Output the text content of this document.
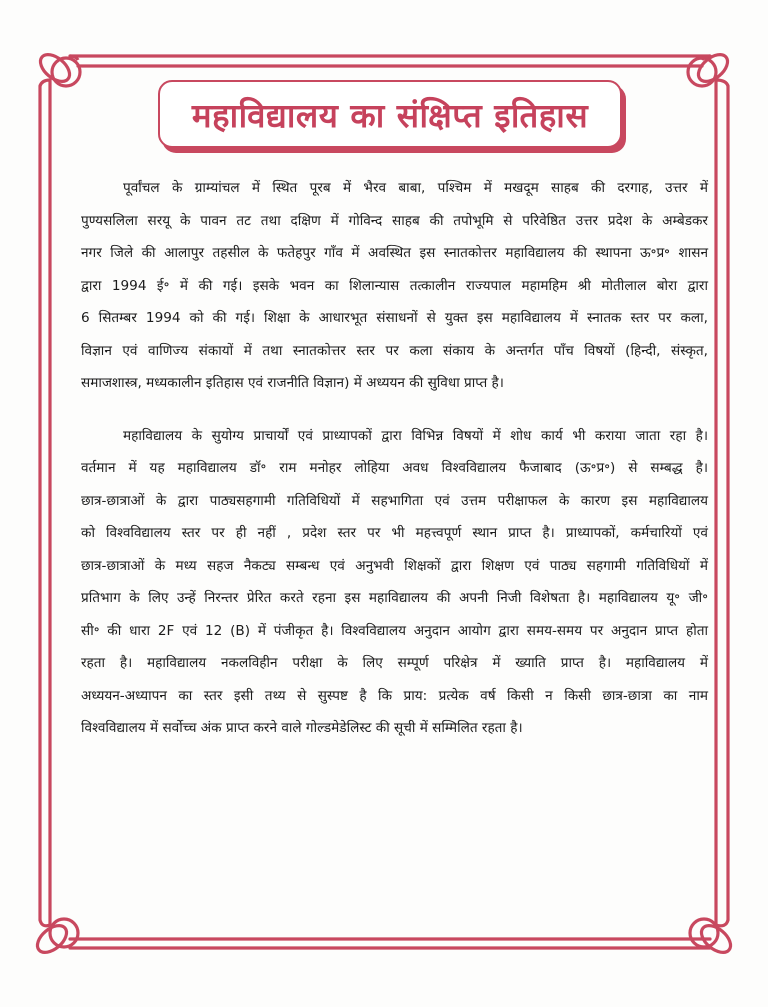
महाविद्यालय का संक्षिप्त इतिहास
पूर्वांचल के ग्राम्यांचल में स्थित पूरब में भैरव बाबा, पश्चिम में मखदूम साहब की दरगाह, उत्तर में
पुण्यसलिला सरयू के पावन तट तथा दक्षिण में गोविन्द साहब की तपोभूमि से परिवेष्ठित उत्तर प्रदेश के अम्बेडकर
नगर जिले की आलापुर तहसील के फतेहपुर गाँव में अवस्थित इस स्नातकोत्तर महाविद्यालय की स्थापना ऊ॰प्र॰ शासन
द्वारा 1994 ई॰ में की गई। इसके भवन का शिलान्यास तत्कालीन राज्यपाल महामहिम श्री मोतीलाल बोरा द्वारा
6 सितम्बर 1994 को की गई। शिक्षा के आधारभूत संसाधनों से युक्त इस महाविद्यालय में स्नातक स्तर पर कला,
विज्ञान एवं वाणिज्य संकायों में तथा स्नातकोत्तर स्तर पर कला संकाय के अन्तर्गत पाँच विषयों (हिन्दी, संस्कृत,
समाजशास्त्र, मध्यकालीन इतिहास एवं राजनीति विज्ञान) में अध्ययन की सुविधा प्राप्त है।
महाविद्यालय के सुयोग्य प्राचार्यों एवं प्राध्यापकों द्वारा विभिन्न विषयों में शोध कार्य भी कराया जाता रहा है।
वर्तमान में यह महाविद्यालय डॉ॰ राम मनोहर लोहिया अवध विश्वविद्यालय फैजाबाद (ऊ॰प्र॰) से सम्बद्ध है।
छात्र-छात्राओं के द्वारा पाठ्यसहगामी गतिविधियों में सहभागिता एवं उत्तम परीक्षाफल के कारण इस महाविद्यालय
को विश्वविद्यालय स्तर पर ही नहीं , प्रदेश स्तर पर भी महत्त्वपूर्ण स्थान प्राप्त है। प्राध्यापकों, कर्मचारियों एवं
छात्र-छात्राओं के मध्य सहज नैकट्य सम्बन्ध एवं अनुभवी शिक्षकों द्वारा शिक्षण एवं पाठ्य सहगामी गतिविधियों में
प्रतिभाग के लिए उन्हें निरन्तर प्रेरित करते रहना इस महाविद्यालय की अपनी निजी विशेषता है। महाविद्यालय यू॰ जी॰
सी॰ की धारा 2F एवं 12 (B) में पंजीकृत है। विश्वविद्यालय अनुदान आयोग द्वारा समय-समय पर अनुदान प्राप्त होता
रहता है। महाविद्यालय नकलविहीन परीक्षा के लिए सम्पूर्ण परिक्षेत्र में ख्याति प्राप्त है। महाविद्यालय में
अध्ययन-अध्यापन का स्तर इसी तथ्य से सुस्पष्ट है कि प्राय: प्रत्येक वर्ष किसी न किसी छात्र-छात्रा का नाम
विश्वविद्यालय में सर्वोच्च अंक प्राप्त करने वाले गोल्डमेडेलिस्ट की सूची में सम्मिलित रहता है।
